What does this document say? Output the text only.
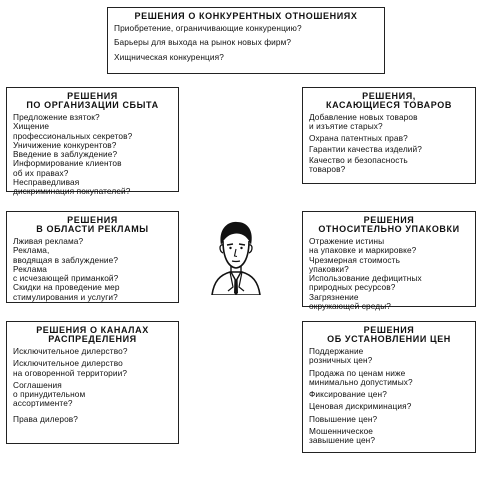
РЕШЕНИЯ О КОНКУРЕНТНЫХ ОТНОШЕНИЯХ
Приобретение, ограничивающие конкуренцию?
Барьеры для выхода на рынок новых фирм?
Хищническая конкуренция?
РЕШЕНИЯ
ПО ОРГАНИЗАЦИИ СБЫТА
Предложение взяток?
Хищение
профессиональных секретов?
Уничижение конкурентов?
Введение в заблуждение?
Информирование клиентов
об их правах?
Несправедливая
дискриминация покупателей?
РЕШЕНИЯ
В ОБЛАСТИ РЕКЛАМЫ
Лживая реклама?
Реклама,
вводящая в заблуждение?
Реклама
с исчезающей приманкой?
Скидки на проведение мер
стимулирования и услуги?
РЕШЕНИЯ О КАНАЛАХ
РАСПРЕДЕЛЕНИЯ
Исключительное дилерство?
Исключительное дилерство
на оговоренной территории?
Соглашения
о принудительном
ассортименте?
Права дилеров?
РЕШЕНИЯ,
КАСАЮЩИЕСЯ ТОВАРОВ
Добавление новых товаров
и изъятие старых?
Охрана патентных прав?
Гарантии качества изделий?
Качество и безопасность
товаров?
РЕШЕНИЯ
ОТНОСИТЕЛЬНО УПАКОВКИ
Отражение истины
на упаковке и маркировке?
Чрезмерная стоимость
упаковки?
Использование дефицитных
природных ресурсов?
Загрязнение
окружающей среды?
РЕШЕНИЯ
ОБ УСТАНОВЛЕНИИ ЦЕН
Поддержание
розничных цен?
Продажа по ценам ниже
минимально допустимых?
Фиксирование цен?
Ценовая дискриминация?
Повышение цен?
Мошенническое
завышение цен?
